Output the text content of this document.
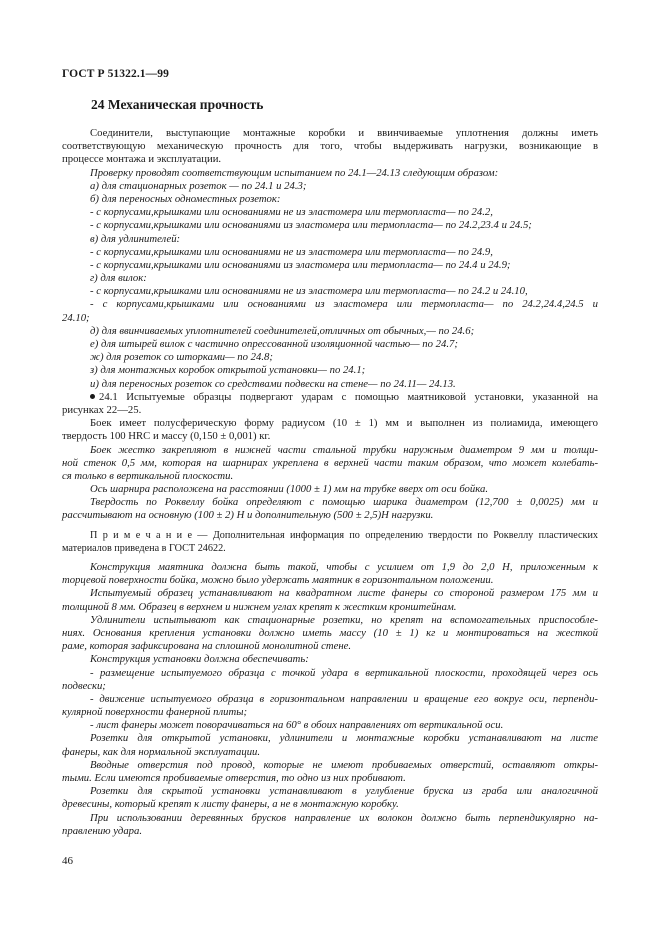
ГОСТ Р 51322.1—99
24 Механическая прочность
Соединители, выступающие монтажные коробки и ввинчиваемые уплотнения должны иметь
соответствующую механическую прочность для того, чтобы выдерживать нагрузки, возникающие в
процессе монтажа и эксплуатации.
Проверку проводят соответствующим испытанием по 24.1—24.13 следующим образом:
а) для стационарных розеток — по 24.1 и 24.3;
б) для переносных одноместных розеток:
- с корпусами,крышками или основаниями не из эластомера или термопласта— по 24.2,
- с корпусами,крышками или основаниями из эластомера или термопласта— по 24.2,23.4 и 24.5;
в) для удлинителей:
- с корпусами,крышками или основаниями не из эластомера или термопласта— по 24.9,
- с корпусами,крышками или основаниями из эластомера или термопласта— по 24.4 и 24.9;
г) для вилок:
- с корпусами,крышками или основаниями не из эластомера или термопласта— по 24.2 и 24.10,
- с корпусами,крышками или основаниями из эластомера или термопласта— по 24.2,24.4,24.5 и
24.10;
д) для ввинчиваемых уплотнителей соединителей,отличных от обычных,— по 24.6;
е) для штырей вилок с частично опрессованной изоляционной частью— по 24.7;
ж) для розеток со шторками— по 24.8;
з) для монтажных коробок открытой установки— по 24.1;
и) для переносных розеток со средствами подвески на стене— по 24.11— 24.13.
24.1 Испытуемые образцы подвергают ударам с помощью маятниковой установки, указанной на
рисунках 22—25.
Боек имеет полусферическую форму радиусом (10 ± 1) мм и выполнен из полиамида, имеющего
твердость 100 HRC и массу (0,150 ± 0,001) кг.
Боек жестко закрепляют в нижней части стальной трубки наружным диаметром 9 мм и толщи-
ной стенок 0,5 мм, которая на шарнирах укреплена в верхней части таким образом, что может колебать-
ся только в вертикальной плоскости.
Ось шарнира расположена на расстоянии (1000 ± 1) мм на трубке вверх от оси бойка.
Твердость по Роквеллу бойка определяют с помощью шарика диаметром (12,700 ± 0,0025) мм и
рассчитывают на основную (100 ± 2) Н и дополнительную (500 ± 2,5)Н нагрузки.
П р и м е ч а н и е — Дополнительная информация по определению твердости по Роквеллу пластических
материалов приведена в ГОСТ 24622.
Конструкция маятника должна быть такой, чтобы с усилием от 1,9 до 2,0 Н, приложенным к
торцевой поверхности бойка, можно было удержать маятник в горизонтальном положении.
Испытуемый образец устанавливают на квадратном листе фанеры со стороной размером 175 мм и
толщиной 8 мм. Образец в верхнем и нижнем углах крепят к жестким кронштейнам.
Удлинители испытывают как стационарные розетки, но крепят на вспомогательных приспособле-
ниях. Основания крепления установки должно иметь массу (10 ± 1) кг и монтироваться на жесткой
раме, которая зафиксирована на сплошной монолитной стене.
Конструкция установки должна обеспечивать:
- размещение испытуемого образца с точкой удара в вертикальной плоскости, проходящей через ось
подвески;
- движение испытуемого образца в горизонтальном направлении и вращение его вокруг оси, перпенди-
кулярной поверхности фанерной плиты;
- лист фанеры может поворачиваться на 60° в обоих направлениях от вертикальной оси.
Розетки для открытой установки, удлинители и монтажные коробки устанавливают на листе
фанеры, как для нормальной эксплуатации.
Вводные отверстия под провод, которые не имеют пробиваемых отверстий, оставляют откры-
тыми. Если имеются пробиваемые отверстия, то одно из них пробивают.
Розетки для скрытой установки устанавливают в углубление бруска из граба или аналогичной
древесины, который крепят к листу фанеры, а не в монтажную коробку.
При использовании деревянных брусков направление их волокон должно быть перпендикулярно на-
правлению удара.
46
